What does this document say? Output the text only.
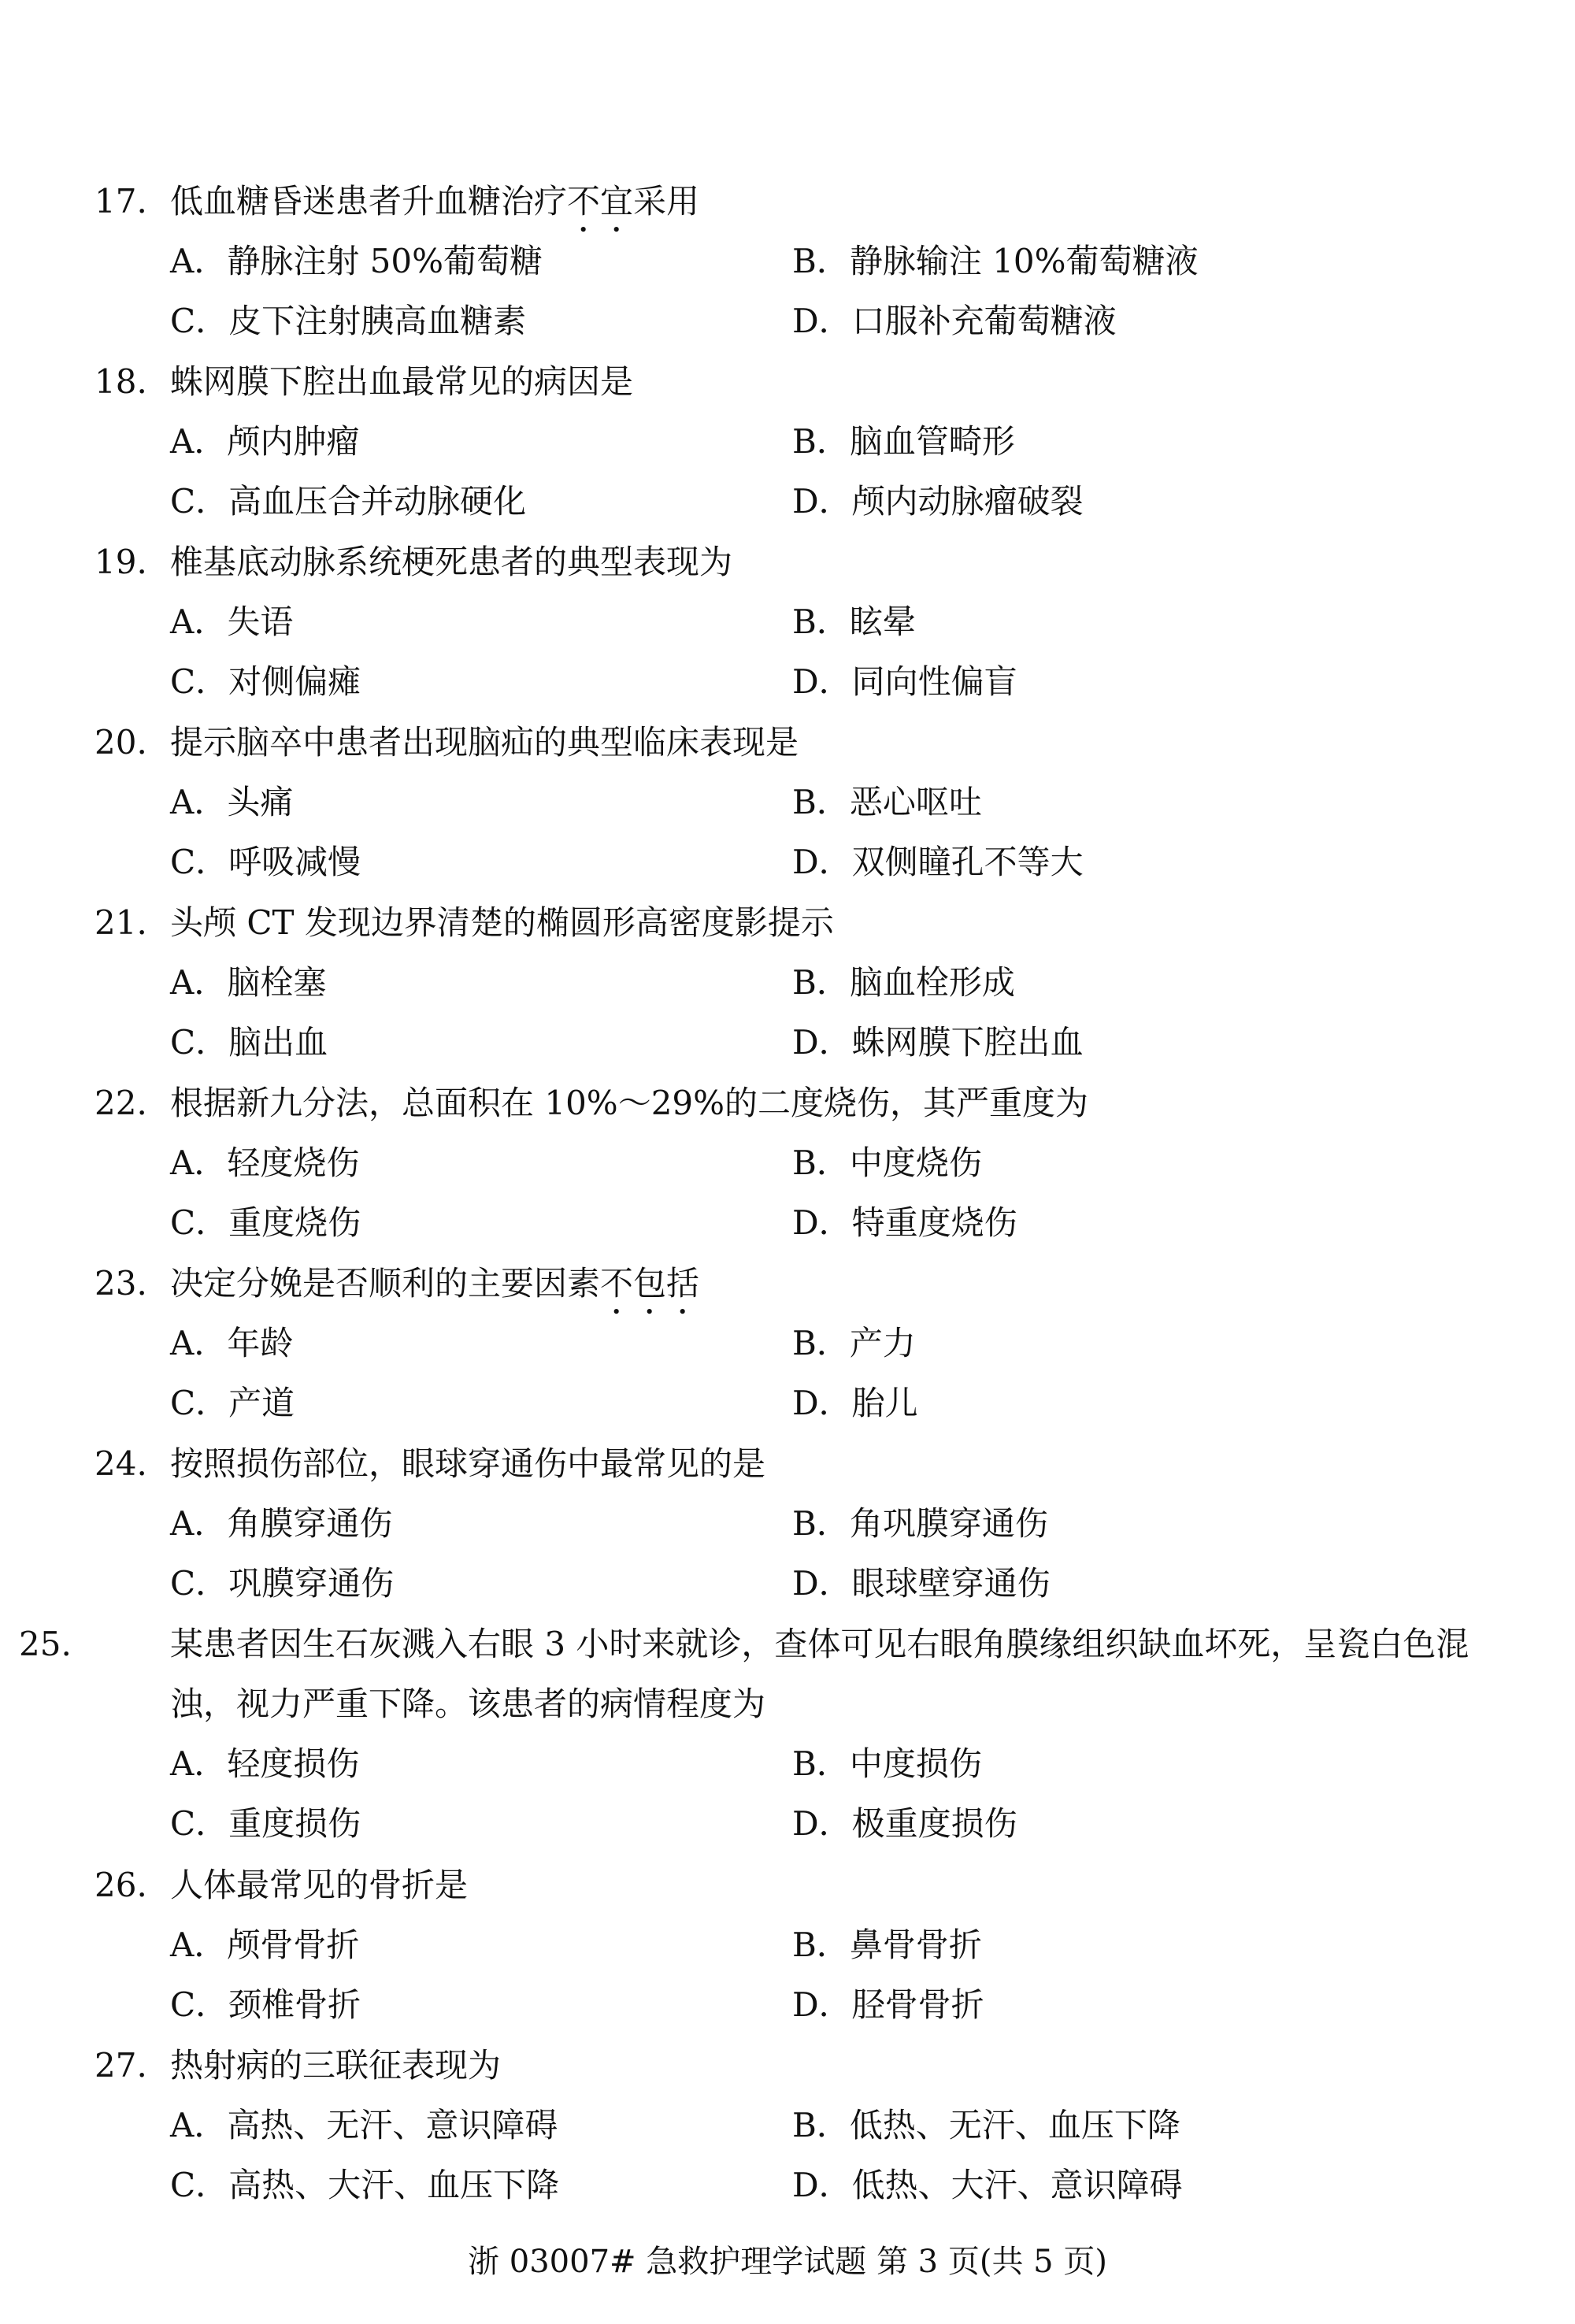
17. 低血糖昏迷患者升血糖治疗不宜采用
A．静脉注射 50%葡萄糖	B．静脉输注 10%葡萄糖液
C．皮下注射胰高血糖素	D．口服补充葡萄糖液
18. 蛛网膜下腔出血最常见的病因是
A．颅内肿瘤	B．脑血管畸形
C．高血压合并动脉硬化	D．颅内动脉瘤破裂
19. 椎基底动脉系统梗死患者的典型表现为
A．失语	B．眩晕
C．对侧偏瘫	D．同向性偏盲
20. 提示脑卒中患者出现脑疝的典型临床表现是
A．头痛	B．恶心呕吐
C．呼吸减慢	D．双侧瞳孔不等大
21. 头颅 CT 发现边界清楚的椭圆形高密度影提示
A．脑栓塞	B．脑血栓形成
C．脑出血	D．蛛网膜下腔出血
22. 根据新九分法，总面积在 10%～29%的二度烧伤，其严重度为
A．轻度烧伤	B．中度烧伤
C．重度烧伤	D．特重度烧伤
23. 决定分娩是否顺利的主要因素不包括
A．年龄	B．产力
C．产道	D．胎儿
24. 按照损伤部位，眼球穿通伤中最常见的是
A．角膜穿通伤	B．角巩膜穿通伤
C．巩膜穿通伤	D．眼球壁穿通伤
25.	某患者因生石灰溅入右眼 3 小时来就诊，查体可见右眼角膜缘组织缺血坏死，呈瓷白色混浊，视力严重下降。该患者的病情程度为
A．轻度损伤	B．中度损伤
C．重度损伤	D．极重度损伤
26. 人体最常见的骨折是
A．颅骨骨折	B．鼻骨骨折
C．颈椎骨折	D．胫骨骨折
27. 热射病的三联征表现为
A．高热、无汗、意识障碍	B．低热、无汗、血压下降
C．高热、大汗、血压下降	D．低热、大汗、意识障碍
浙 03007# 急救护理学试题 第 3 页(共 5 页)
